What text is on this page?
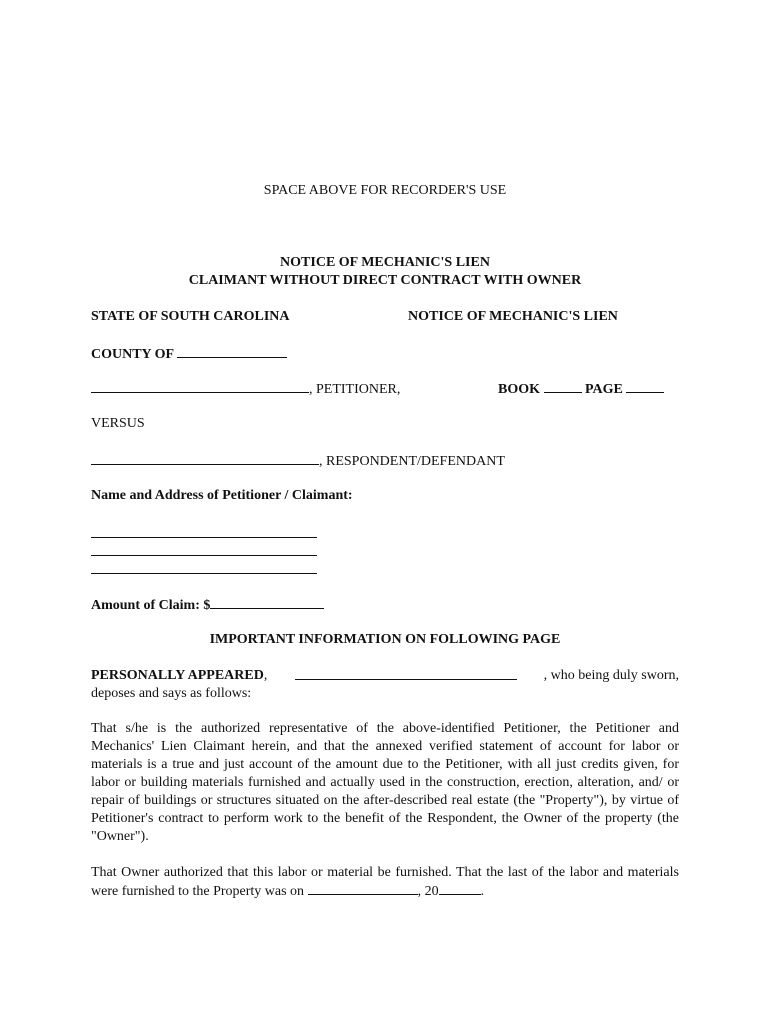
SPACE ABOVE FOR RECORDER'S USE
NOTICE OF MECHANIC'S LIEN
CLAIMANT WITHOUT DIRECT CONTRACT WITH OWNER
STATE OF SOUTH CAROLINA	NOTICE OF MECHANIC'S LIEN
COUNTY OF
, PETITIONER,	BOOK	PAGE
VERSUS
, RESPONDENT/DEFENDANT
Name and Address of Petitioner / Claimant:
Amount of Claim: $
IMPORTANT INFORMATION ON FOLLOWING PAGE
PERSONALLY APPEARED,	, who being duly sworn,
deposes and says as follows:
That s/he is the authorized representative of the above-identified Petitioner, the Petitioner and Mechanics' Lien Claimant herein, and that the annexed verified statement of account for labor or materials is a true and just account of the amount due to the Petitioner, with all just credits given, for labor or building materials furnished and actually used in the construction, erection, alteration, and/ or repair of buildings or structures situated on the after-described real estate (the "Property"), by virtue of Petitioner's contract to perform work to the benefit of the Respondent, the Owner of the property (the "Owner").
That Owner authorized that this labor or material be furnished. That the last of the labor and materials were furnished to the Property was on	, 20	.
